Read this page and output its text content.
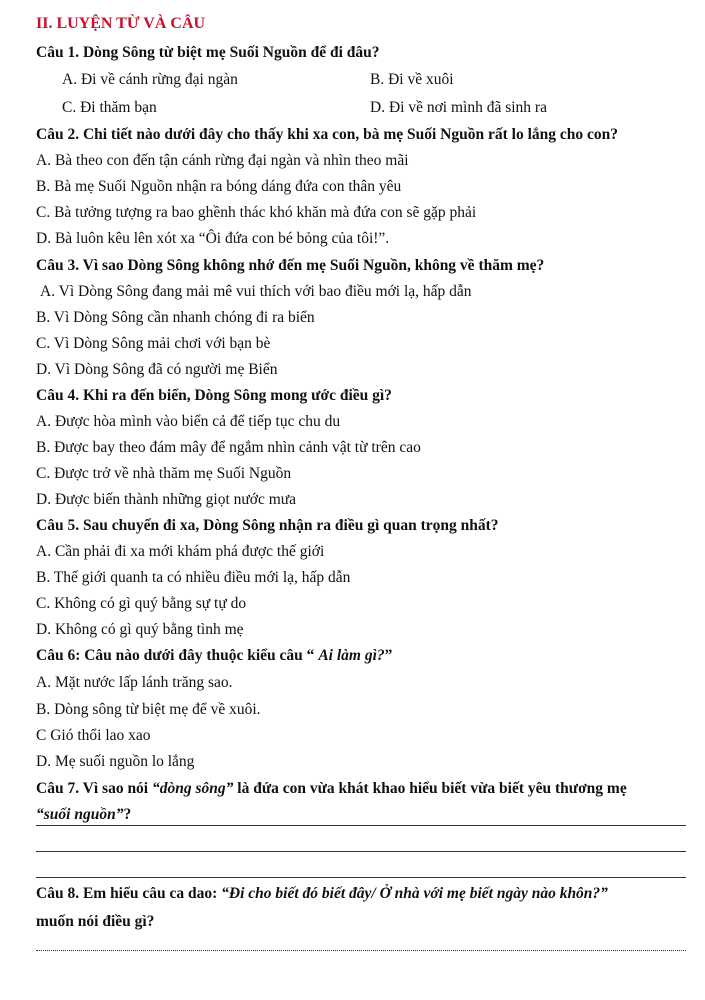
II. LUYỆN TỪ VÀ CÂU
Câu 1. Dòng Sông từ biệt mẹ Suối Nguồn để đi đâu?
A. Đi về cánh rừng đại ngàn	B. Đi về xuôi
C. Đi thăm bạn	D. Đi về nơi mình đã sinh ra
Câu 2. Chi tiết nào dưới đây cho thấy khi xa con, bà mẹ Suối Nguồn rất lo lắng cho con?
A. Bà theo con đến tận cánh rừng đại ngàn và nhìn theo mãi
B. Bà mẹ Suối Nguồn nhận ra bóng dáng đứa con thân yêu
C. Bà tưởng tượng ra bao ghềnh thác khó khăn mà đứa con sẽ gặp phải
D. Bà luôn kêu lên xót xa “Ôi đứa con bé bỏng của tôi!”.
Câu 3. Vì sao Dòng Sông không nhớ đến mẹ Suối Nguồn, không về thăm mẹ?
A. Vì Dòng Sông đang mải mê vui thích với bao điều mới lạ, hấp dẫn
B. Vì Dòng Sông cần nhanh chóng đi ra biển
C. Vì Dòng Sông mải chơi với bạn bè
D. Vì Dòng Sông đã có người mẹ Biển
Câu 4. Khi ra đến biển, Dòng Sông mong ước điều gì?
A. Được hòa mình vào biển cả để tiếp tục chu du
B. Được bay theo đám mây để ngắm nhìn cảnh vật từ trên cao
C. Được trở về nhà thăm mẹ Suối Nguồn
D. Được biến thành những giọt nước mưa
Câu 5. Sau chuyến đi xa, Dòng Sông nhận ra điều gì quan trọng nhất?
A. Cần phải đi xa mới khám phá được thế giới
B. Thế giới quanh ta có nhiều điều mới lạ, hấp dẫn
C. Không có gì quý bằng sự tự do
D. Không có gì quý bằng tình mẹ
Câu 6: Câu nào dưới đây thuộc kiểu câu “ Ai làm gì?”
A. Mặt nước lấp lánh trăng sao.
B. Dòng sông từ biệt mẹ để về xuôi.
C Gió thổi lao xao
D. Mẹ suối nguồn lo lắng
Câu 7. Vì sao nói “dòng sông” là đứa con vừa khát khao hiểu biết vừa biết yêu thương mẹ
“suối nguồn”?
Câu 8. Em hiểu câu ca dao: “Đi cho biết đó biết đây/ Ở nhà với mẹ biết ngày nào khôn?”
muốn nói điều gì?
